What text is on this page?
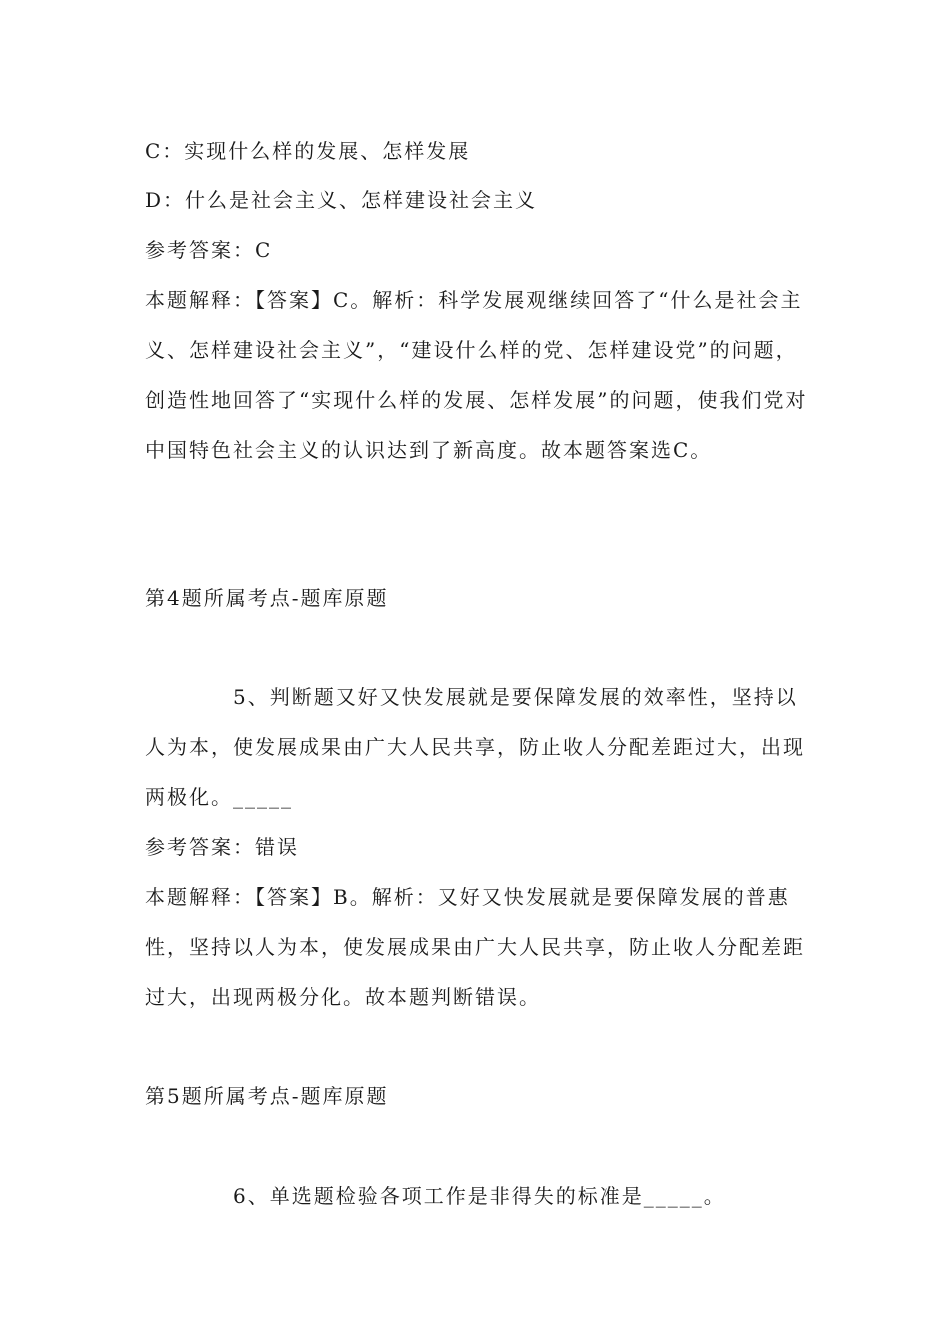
C：实现什么样的发展、怎样发展
D：什么是社会主义、怎样建设社会主义
参考答案：C
本题解释：【答案】C。解析：科学发展观继续回答了“什么是社会主义、怎样建设社会主义”，“建设什么样的党、怎样建设党”的问题，创造性地回答了“实现什么样的发展、怎样发展”的问题，使我们党对中国特色社会主义的认识达到了新高度。故本题答案选C。
第4题所属考点-题库原题
5、判断题又好又快发展就是要保障发展的效率性，坚持以人为本，使发展成果由广大人民共享，防止收人分配差距过大，出现两极化。_____
参考答案：错误
本题解释：【答案】B。解析：又好又快发展就是要保障发展的普惠性，坚持以人为本，使发展成果由广大人民共享，防止收人分配差距过大，出现两极分化。故本题判断错误。
第5题所属考点-题库原题
6、单选题检验各项工作是非得失的标准是_____。
